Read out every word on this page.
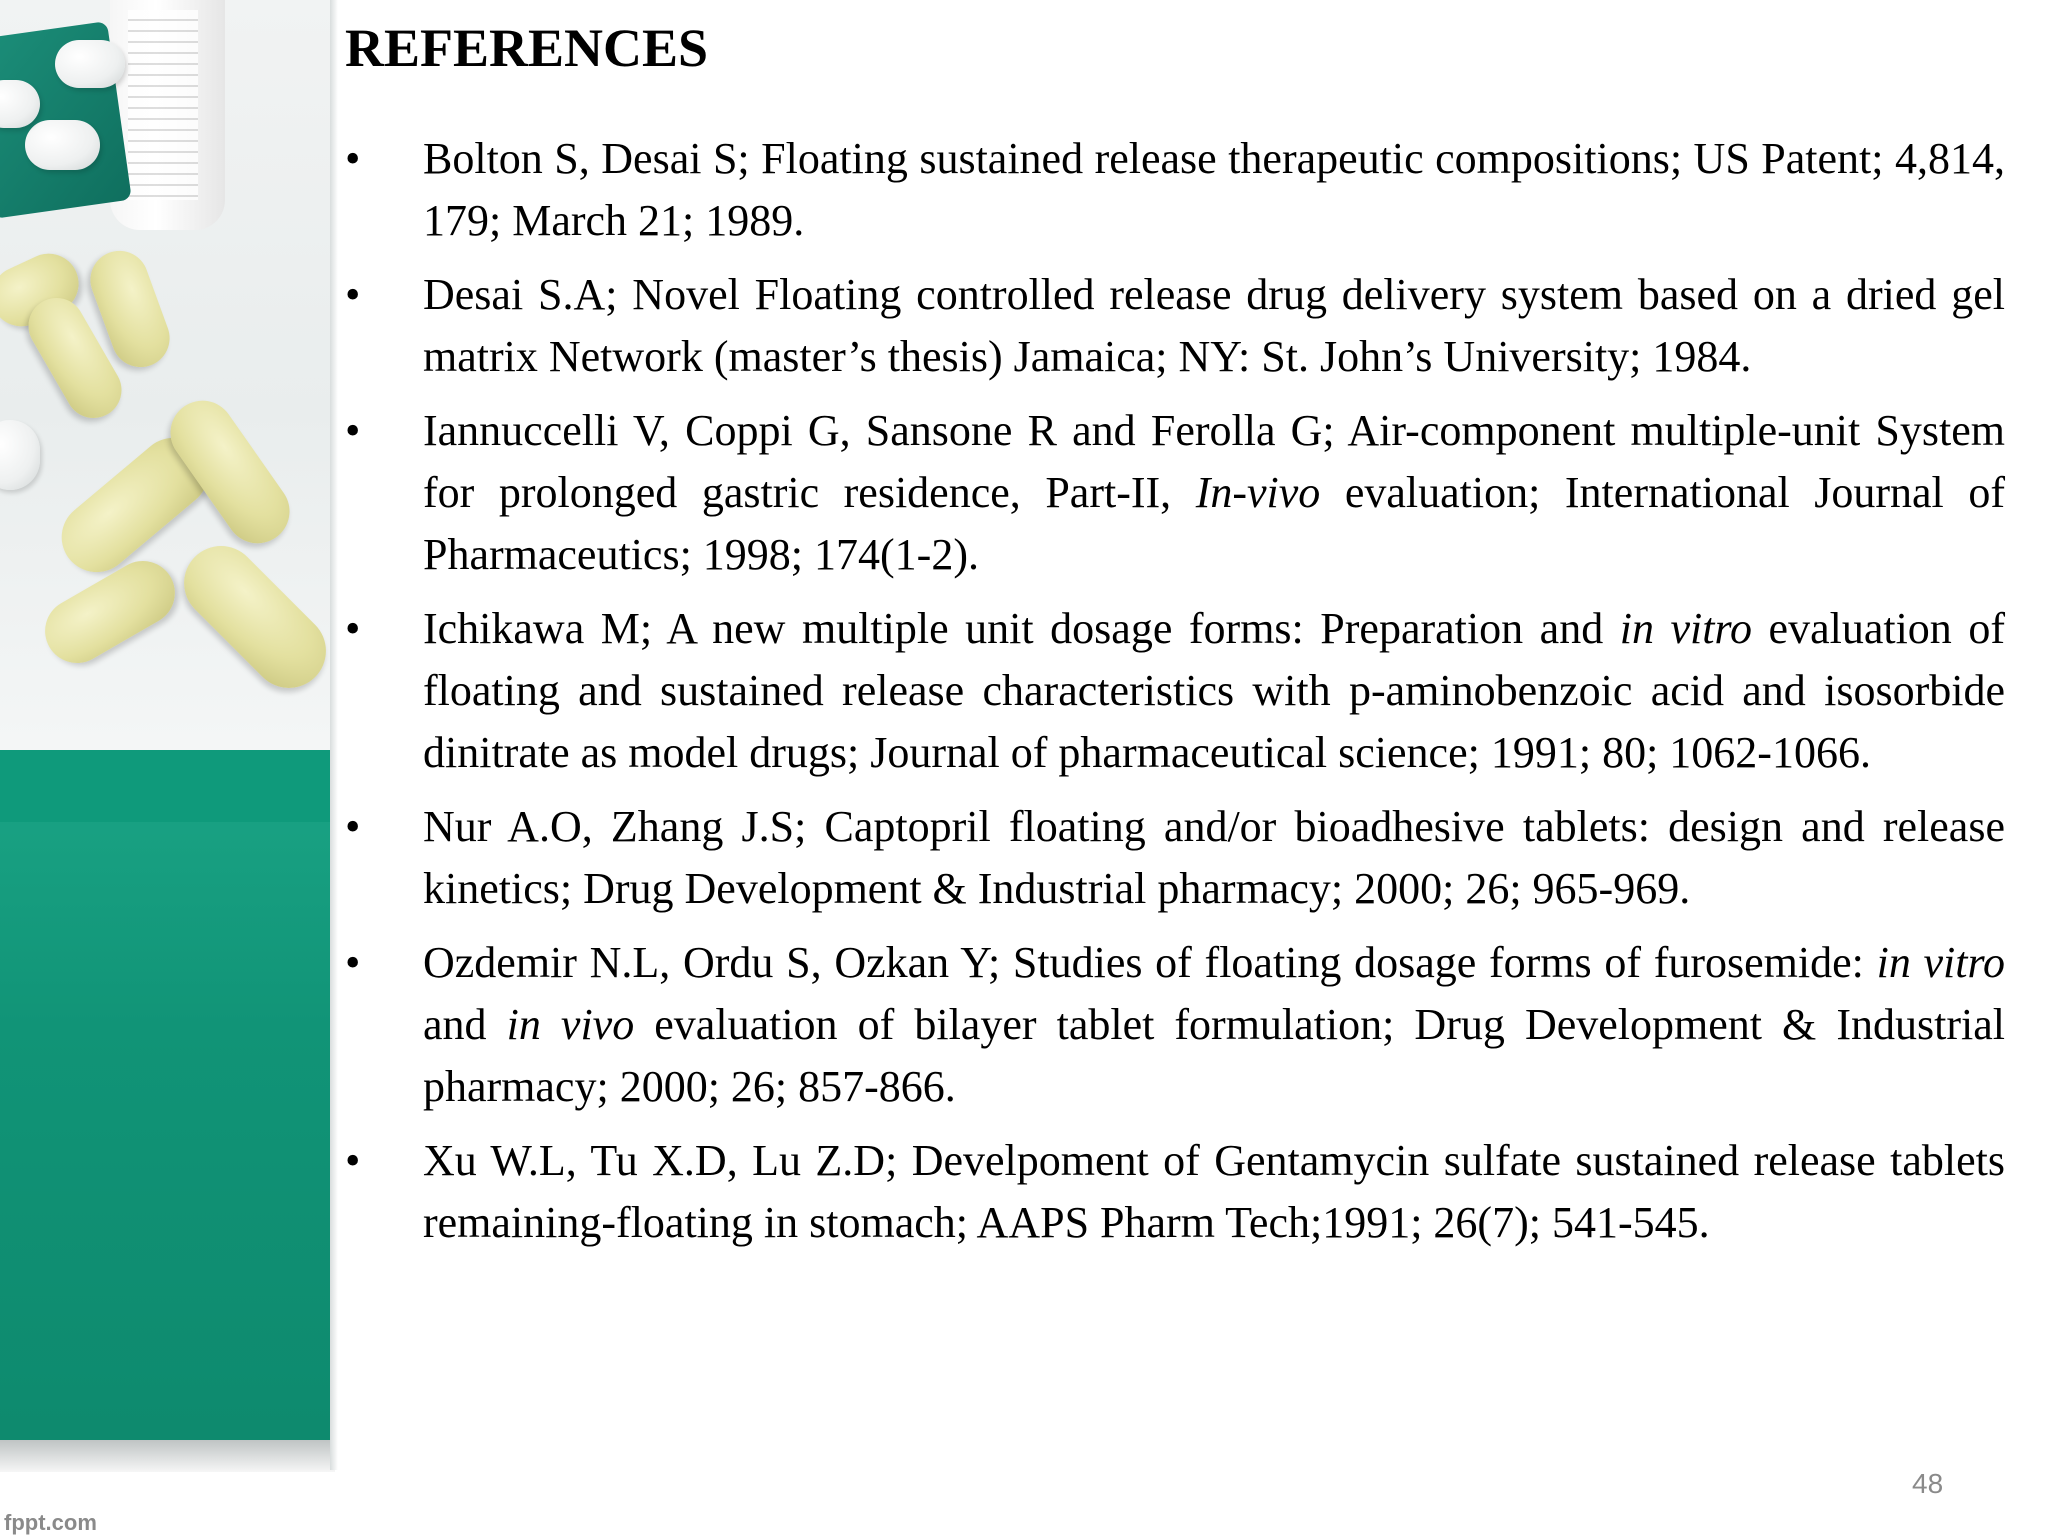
fppt.com
REFERENCES
• Bolton S, Desai S; Floating sustained release therapeutic compositions; US Patent; 4,814, 179; March 21; 1989.
• Desai S.A; Novel Floating controlled release drug delivery system based on a dried gel matrix Network (master’s thesis) Jamaica; NY: St. John’s University; 1984.
• Iannuccelli V, Coppi G, Sansone R and Ferolla G; Air-component multiple-unit System for prolonged gastric residence, Part-II, In-vivo evaluation; International Journal of Pharmaceutics; 1998; 174(1-2).
• Ichikawa M; A new multiple unit dosage forms: Preparation and in vitro evaluation of floating and sustained release characteristics with p-aminobenzoic acid and isosorbide dinitrate as model drugs; Journal of pharmaceutical science; 1991; 80; 1062-1066.
• Nur A.O, Zhang J.S; Captopril floating and/or bioadhesive tablets: design and release kinetics; Drug Development & Industrial pharmacy; 2000; 26; 965-969.
• Ozdemir N.L, Ordu S, Ozkan Y; Studies of floating dosage forms of furosemide: in vitro and in vivo evaluation of bilayer tablet formulation; Drug Development & Industrial pharmacy; 2000; 26; 857-866.
• Xu W.L, Tu X.D, Lu Z.D; Develpoment of Gentamycin sulfate sustained release tablets remaining-floating in stomach; AAPS Pharm Tech;1991; 26(7); 541-545.
48
